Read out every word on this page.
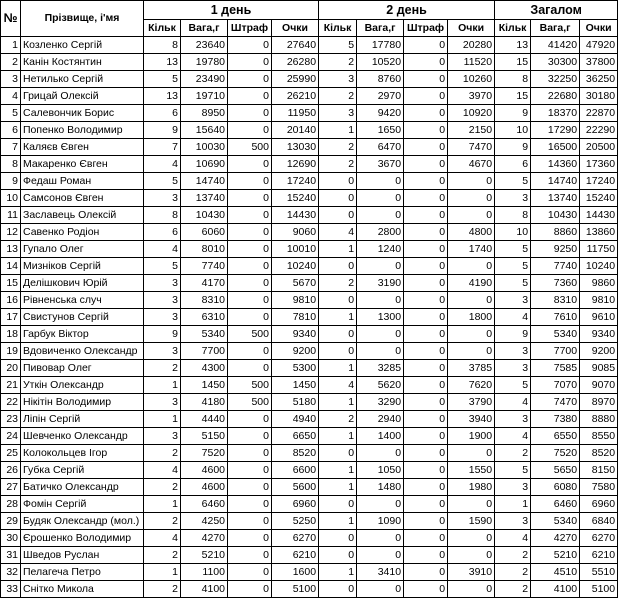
№	Прізвище, і'мя	1 день				2 день				Загалом		
		Кільк	Вага,г	Штраф	Очки	Кільк	Вага,г	Штраф	Очки	Кільк	Вага,г	Очки
1	Козленко Сергій	8	23640	0	27640	5	17780	0	20280	13	41420	47920
2	Канін Костянтин	13	19780	0	26280	2	10520	0	11520	15	30300	37800
3	Нетилько Сергій	5	23490	0	25990	3	8760	0	10260	8	32250	36250
4	Грицай Олексій	13	19710	0	26210	2	2970	0	3970	15	22680	30180
5	Салевончик Борис	6	8950	0	11950	3	9420	0	10920	9	18370	22870
6	Попенко Володимир	9	15640	0	20140	1	1650	0	2150	10	17290	22290
7	Каляєв Євген	7	10030	500	13030	2	6470	0	7470	9	16500	20500
8	Макаренко Євген	4	10690	0	12690	2	3670	0	4670	6	14360	17360
9	Федаш Роман	5	14740	0	17240	0	0	0	0	5	14740	17240
10	Самсонов Євген	3	13740	0	15240	0	0	0	0	3	13740	15240
11	Заславець Олексій	8	10430	0	14430	0	0	0	0	8	10430	14430
12	Савенко Родіон	6	6060	0	9060	4	2800	0	4800	10	8860	13860
13	Гупало Олег	4	8010	0	10010	1	1240	0	1740	5	9250	11750
14	Мизніков Сергій	5	7740	0	10240	0	0	0	0	5	7740	10240
15	Делішкович Юрій	3	4170	0	5670	2	3190	0	4190	5	7360	9860
16	Рівненська случ	3	8310	0	9810	0	0	0	0	3	8310	9810
17	Свистунов Сергій	3	6310	0	7810	1	1300	0	1800	4	7610	9610
18	Гарбук Віктор	9	5340	500	9340	0	0	0	0	9	5340	9340
19	Вдовиченко Олександр	3	7700	0	9200	0	0	0	0	3	7700	9200
20	Пивовар Олег	2	4300	0	5300	1	3285	0	3785	3	7585	9085
21	Уткін Олександр	1	1450	500	1450	4	5620	0	7620	5	7070	9070
22	Нікітін Володимир	3	4180	500	5180	1	3290	0	3790	4	7470	8970
23	Ліпін Сергій	1	4440	0	4940	2	2940	0	3940	3	7380	8880
24	Шевченко Олександр	3	5150	0	6650	1	1400	0	1900	4	6550	8550
25	Колокольцев Ігор	2	7520	0	8520	0	0	0	0	2	7520	8520
26	Губка Сергій	4	4600	0	6600	1	1050	0	1550	5	5650	8150
27	Батичко Олександр	2	4600	0	5600	1	1480	0	1980	3	6080	7580
28	Фомін Сергій	1	6460	0	6960	0	0	0	0	1	6460	6960
29	Будяк Олександр (мол.)	2	4250	0	5250	1	1090	0	1590	3	5340	6840
30	Єрошенко Володимир	4	4270	0	6270	0	0	0	0	4	4270	6270
31	Шведов Руслан	2	5210	0	6210	0	0	0	0	2	5210	6210
32	Пелагеча Петро	1	1100	0	1600	1	3410	0	3910	2	4510	5510
33	Снітко Микола	2	4100	0	5100	0	0	0	0	2	4100	5100
